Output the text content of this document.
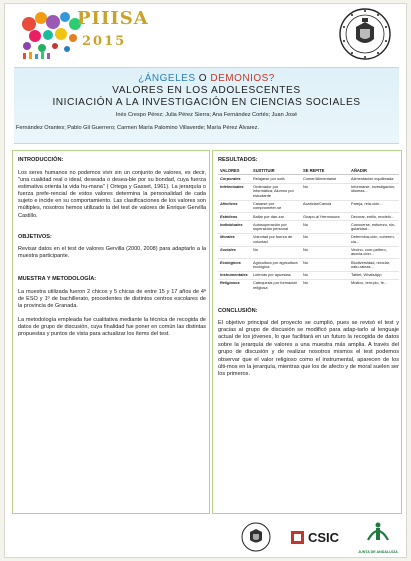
PIIISA
2015
¿ÁNGELES O DEMONIOS?
VALORES EN LOS ADOLESCENTES
INICIACIÓN A LA INVESTIGACIÓN EN CIENCIAS SOCIALES
Inés Crespo Pérez; Julia Pérez Sierra; Ana Fernández Cortés; Juan José
Fernández Orantes; Pablo Gil Guerrero; Carmen María Palomino Villaverde; María Pérez Álvarez.
INTRODUCCIÓN:
Los seres humanos no podemos vivir sin un conjunto de valores, es decir, "una cualidad real o ideal, deseada o desea-ble por su bondad, cuya fuerza estimativa orienta la vida hu-mana" ( Ortega y Gasset, 1961). La jerarquía o fuerza prefe-rencial de estos valores determina la personalidad de cada sujeto e incide en su comportamiento. Las clasificaciones de los valores son múltiples, nosotros hemos utilizado la del test de valores de Enrique Gervilla Castillo.
OBJETIVOS:
Revisar datos en el test de valores Gervilla (2000, 2008) para adaptarlo a la muestra participante.
MUESTRA Y METODOLOGÍA:
La muestra utilizada fueron 2 chicos y 5 chicas de entre 15 y 17 años de 4º de ESO y 1º de bachillerato, procedentes de distintos centros escolares de la provincia de Granada.
La metodología empleada fue cualitativa mediante la técnica de recogida de datos de grupo de discusión, cuya finalidad fue poner en común las distintas propuestas y puntos de vista para actualizar los ítems del test.
RESULTADOS:
VALORES	SUSTITUIR	SE REPITE	AÑADIR
Corporales	Relajarse por sofá	Comer/Alimentarse	Alimentación equilibrada
Intelectuales	Ordenador por informática; Alumno por estudiante	No	Informarse, investigación, idiomas...
Afectivos	Casarse por comprometer-se	Acariciar/Caricia	Pareja, rela-ción...
Estéticos	Bailar por dan-zar	Guapo-a/ Hermosura	Decorar, estilo, modelo...
Individuales	Autosuperación por superación personal	No	Conocerse, esfuerzo, sin-gularidad...
Morales	Voluntad por fuerza de voluntad	No	Determina-ción, coheren-cia...
Sociales	No	No	Vecino, com-pañero, asocia-ción...
Ecológicos	Agricultura por agricultura ecológica	No	Biodiversidad, reciclar, natu-raleza...
Instrumentales	Loterías por apuestas	No	Tablet, WhatsApp
Religiosos	Catequesis por formación religiosa	No	Místico, tem-plo, fe...
CONCLUSIÓN:
El objetivo principal del proyecto se cumplió, pues se revisó el test y gracias al grupo de discusión se modificó para adap-tarlo al lenguaje actual de los jóvenes, lo que facilitará en un futuro la recogida de datos sobre la jerarquía de valores a una muestra más amplia. A través del grupo de discusión y de realizar nosotros mismos el test podemos observar que el valor religioso como el instrumental, aparecen de los últi-mos en la jerarquía, mientras que los de afecto y de moral suelen ser los primeros.
CSIC
JUNTA DE ANDALUCÍA
